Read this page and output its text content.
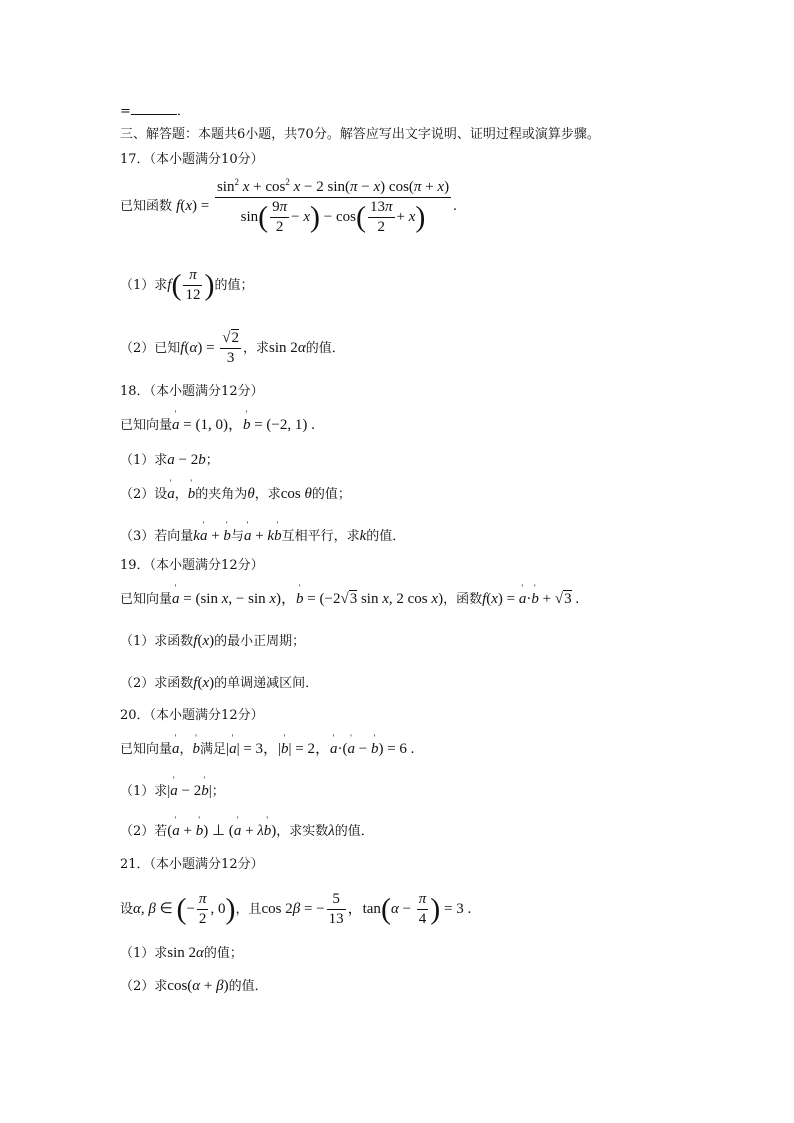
=	．
三、解答题：本题共6小题，共70分。解答应写出文字说明、证明过程或演算步骤。
17．（本小题满分10分）
已知函数 $f(x) = \frac{\sin^2 x + \cos^2 x - 2 \sin(\pi - x) \cos(\pi + x)}{\sin( \frac{9\pi}{2} - x) - \cos( \frac{13\pi}{2} + x)}$ .
（1）求$f( \frac{\pi}{12}$ )的值；
（2）已知$f(\alpha) = \frac{√2}{3}$ ，求sin 2α的值．
18．（本小题满分12分）
已知向量' a = (1, 0)，' b = (−2, 1) .
（1）求a − 2b；
（2）设' a，' b的夹角为θ，求cos θ的值；
（3）若向量k' a + ' b与' a + k' b互相平行，求k的值．
19．（本小题满分12分）
已知向量' a = (sin x, − sin x)，' b = (−2√3 sin x, 2 cos x)，函数f(x) = ' a·' b + √3 .
（1）求函数f(x)的最小正周期；
（2）求函数f(x)的单调递减区间．
20．（本小题满分12分）
已知向量' a，' b满足|' a| = 3，|' b| = 2，' a·(' a − ' b) = 6 .
（1）求|' a − 2' b|；
（2）若(' a + ' b) ⊥ (' a + λ' b)，求实数λ的值．
21．（本小题满分12分）
设α, β ∈ (− $\frac{\pi}{2}$ , 0)，且cos 2β = − $\frac{5}{13}$ ，$\tan(\alpha - \frac{\pi}{4}$ ) = 3 .
（1）求sin 2α的值；
（2）求cos(α + β)的值．
